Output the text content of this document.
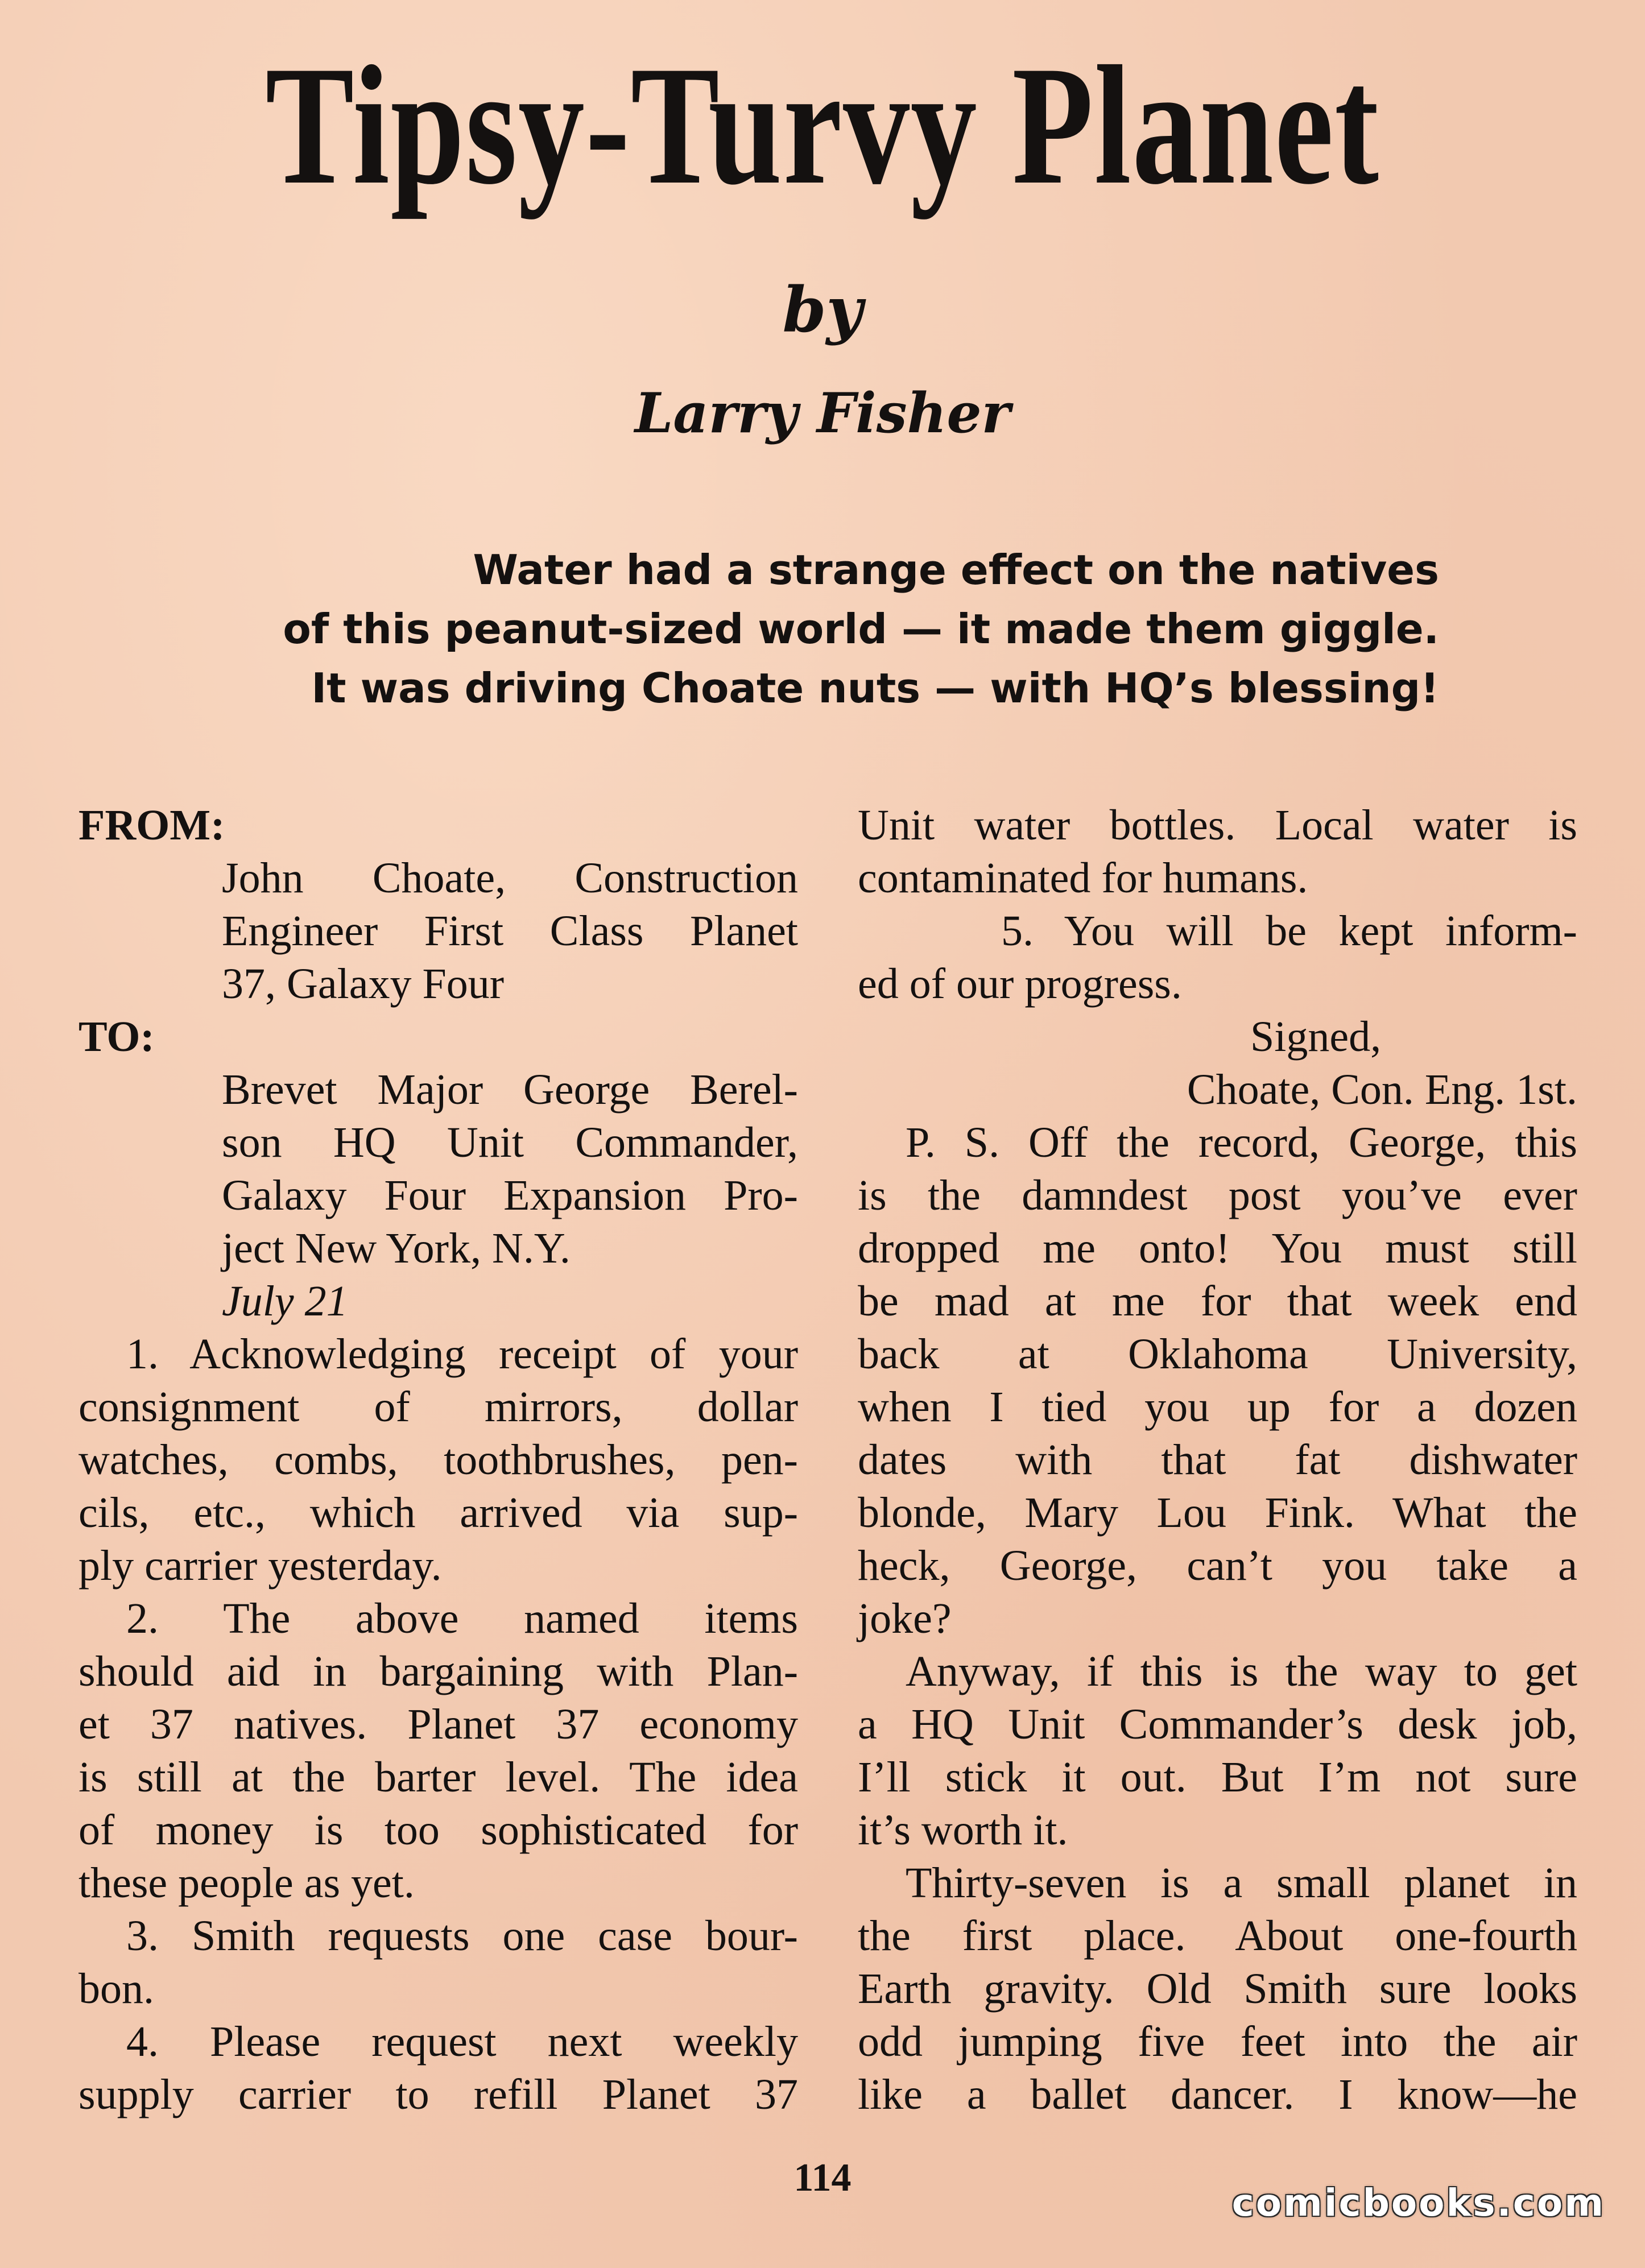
Tipsy-Turvy Planet
by
Larry Fisher
Water had a strange effect on the natives
of this peanut-sized world — it made them giggle.
It was driving Choate nuts — with HQ’s blessing!
FROM:
John Choate, Construction
Engineer First Class Planet
37, Galaxy Four
TO:
Brevet Major George Berel-
son HQ Unit Commander,
Galaxy Four Expansion Pro-
ject New York, N.Y.
July 21
1. Acknowledging receipt of your
consignment of mirrors, dollar
watches, combs, toothbrushes, pen-
cils, etc., which arrived via sup-
ply carrier yesterday.
2. The above named items
should aid in bargaining with Plan-
et 37 natives. Planet 37 economy
is still at the barter level. The idea
of money is too sophisticated for
these people as yet.
3. Smith requests one case bour-
bon.
4. Please request next weekly
supply carrier to refill Planet 37
Unit water bottles. Local water is
contaminated for humans.
5. You will be kept inform-
ed of our progress.
Signed,
Choate, Con. Eng. 1st.
P. S. Off the record, George, this
is the damndest post you’ve ever
dropped me onto! You must still
be mad at me for that week end
back at Oklahoma University,
when I tied you up for a dozen
dates with that fat dishwater
blonde, Mary Lou Fink. What the
heck, George, can’t you take a
joke?
Anyway, if this is the way to get
a HQ Unit Commander’s desk job,
I’ll stick it out. But I’m not sure
it’s worth it.
Thirty-seven is a small planet in
the first place. About one-fourth
Earth gravity. Old Smith sure looks
odd jumping five feet into the air
like a ballet dancer. I know—he
114
comicbooks.com
